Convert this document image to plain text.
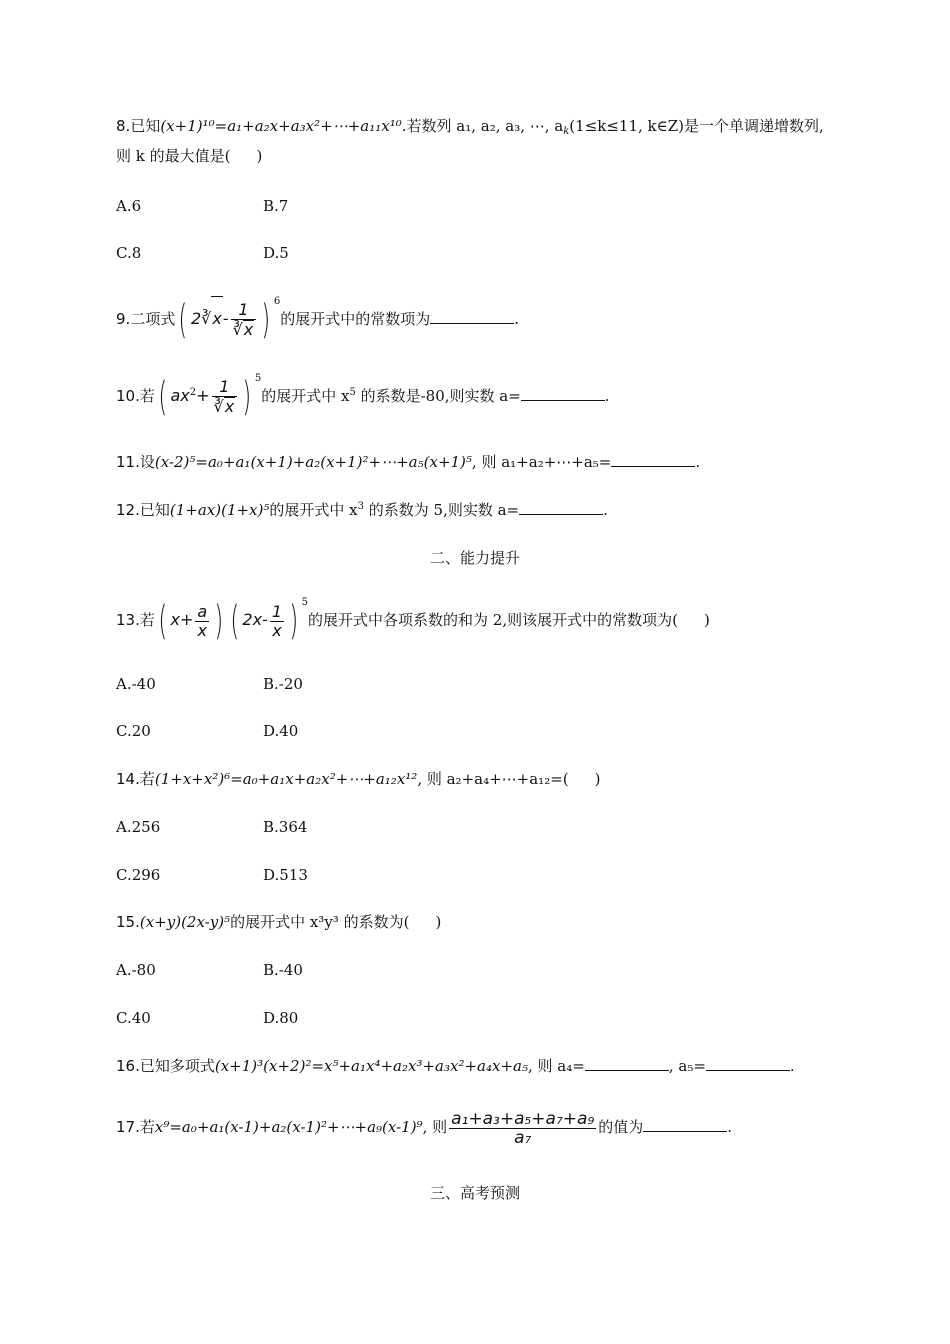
8.已知(x+1)¹⁰=a₁+a₂x+a₃x²+⋯+a₁₁x¹⁰.若数列 a₁, a₂, a₃, ⋯, $a_k(1\le k\le 11$, k∈Z)是一个单调递增数列,
则 k 的最大值是( )
A.6	B.7
C.8	D.5
9.二项式( 2∛x- $\frac{1}{∛x}$ ) $^6$的展开式中的常数项为	.
10.若( $ax^2+ \frac{1}{∛x}$ ) $^5$的展开式中 $x^5$ 的系数是-80,则实数 a=	.
11.设(x-2)⁵=a₀+a₁(x+1)+a₂(x+1)²+⋯+a₅(x+1)⁵, 则 a₁+a₂+⋯+a₅=	.
12.已知(1+ax)(1+x)⁵的展开式中 $x^3$ 的系数为 5,则实数 a=	.
二、能力提升
13.若( $x+ \frac{a}{x}$ ) ( $2x- \frac{1}{x}$ ) $^5$的展开式中各项系数的和为 2,则该展开式中的常数项为( )
A.-40	B.-20
C.20	D.40
14.若(1+x+x²)⁶=a₀+a₁x+a₂x²+⋯+a₁₂x¹², 则 a₂+a₄+⋯+a₁₂=( )
A.256	B.364
C.296	D.513
15.(x+y)(2x-y)⁵的展开式中 x³y³ 的系数为( )
A.-80	B.-40
C.40	D.80
16.已知多项式(x+1)³(x+2)²=x⁵+a₁x⁴+a₂x³+a₃x²+a₄x+a₅, 则 a₄=	, a₅=	.
17.若x⁹=a₀+a₁(x-1)+a₂(x-1)²+⋯+a₉(x-1)⁹, 则 $\frac{\text{a₁+a₃+a₅+a₇+a₉}}{\text{a₇}}$ 的值为	.
三、高考预测
